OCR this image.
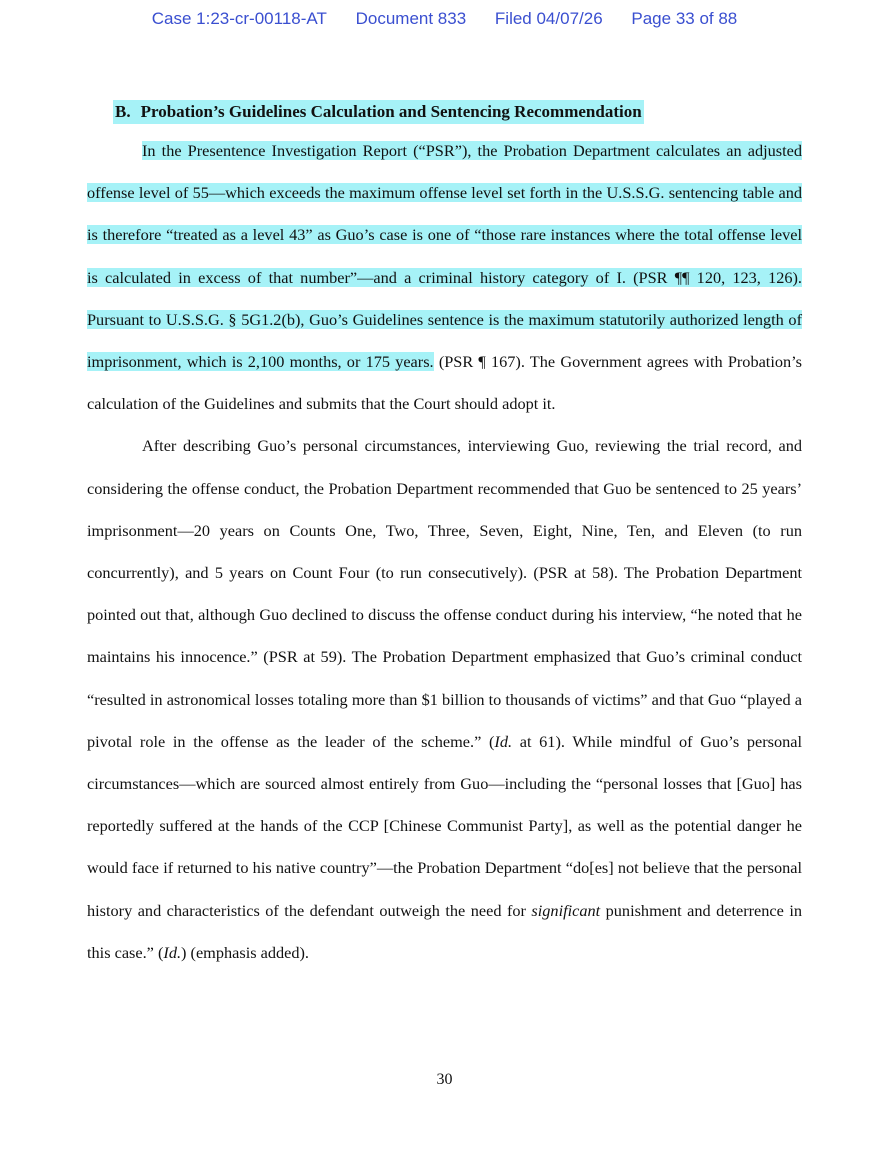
Case 1:23-cr-00118-AT Document 833 Filed 04/07/26 Page 33 of 88
B. Probation’s Guidelines Calculation and Sentencing Recommendation

In the Presentence Investigation Report (“PSR”), the Probation Department calculates an adjusted offense level of 55—which exceeds the maximum offense level set forth in the U.S.S.G. sentencing table and is therefore “treated as a level 43” as Guo’s case is one of “those rare instances where the total offense level is calculated in excess of that number”—and a criminal history category of I. (PSR ¶¶ 120, 123, 126). Pursuant to U.S.S.G. § 5G1.2(b), Guo’s Guidelines sentence is the maximum statutorily authorized length of imprisonment, which is 2,100 months, or 175 years. (PSR ¶ 167). The Government agrees with Probation’s calculation of the Guidelines and submits that the Court should adopt it.

After describing Guo’s personal circumstances, interviewing Guo, reviewing the trial record, and considering the offense conduct, the Probation Department recommended that Guo be sentenced to 25 years’ imprisonment—20 years on Counts One, Two, Three, Seven, Eight, Nine, Ten, and Eleven (to run concurrently), and 5 years on Count Four (to run consecutively). (PSR at 58). The Probation Department pointed out that, although Guo declined to discuss the offense conduct during his interview, “he noted that he maintains his innocence.” (PSR at 59). The Probation Department emphasized that Guo’s criminal conduct “resulted in astronomical losses totaling more than $1 billion to thousands of victims” and that Guo “played a pivotal role in the offense as the leader of the scheme.” (Id. at 61). While mindful of Guo’s personal circumstances—which are sourced almost entirely from Guo—including the “personal losses that [Guo] has reportedly suffered at the hands of the CCP [Chinese Communist Party], as well as the potential danger he would face if returned to his native country”—the Probation Department “do[es] not believe that the personal history and characteristics of the defendant outweigh the need for significant punishment and deterrence in this case.” (Id.) (emphasis added).

30
